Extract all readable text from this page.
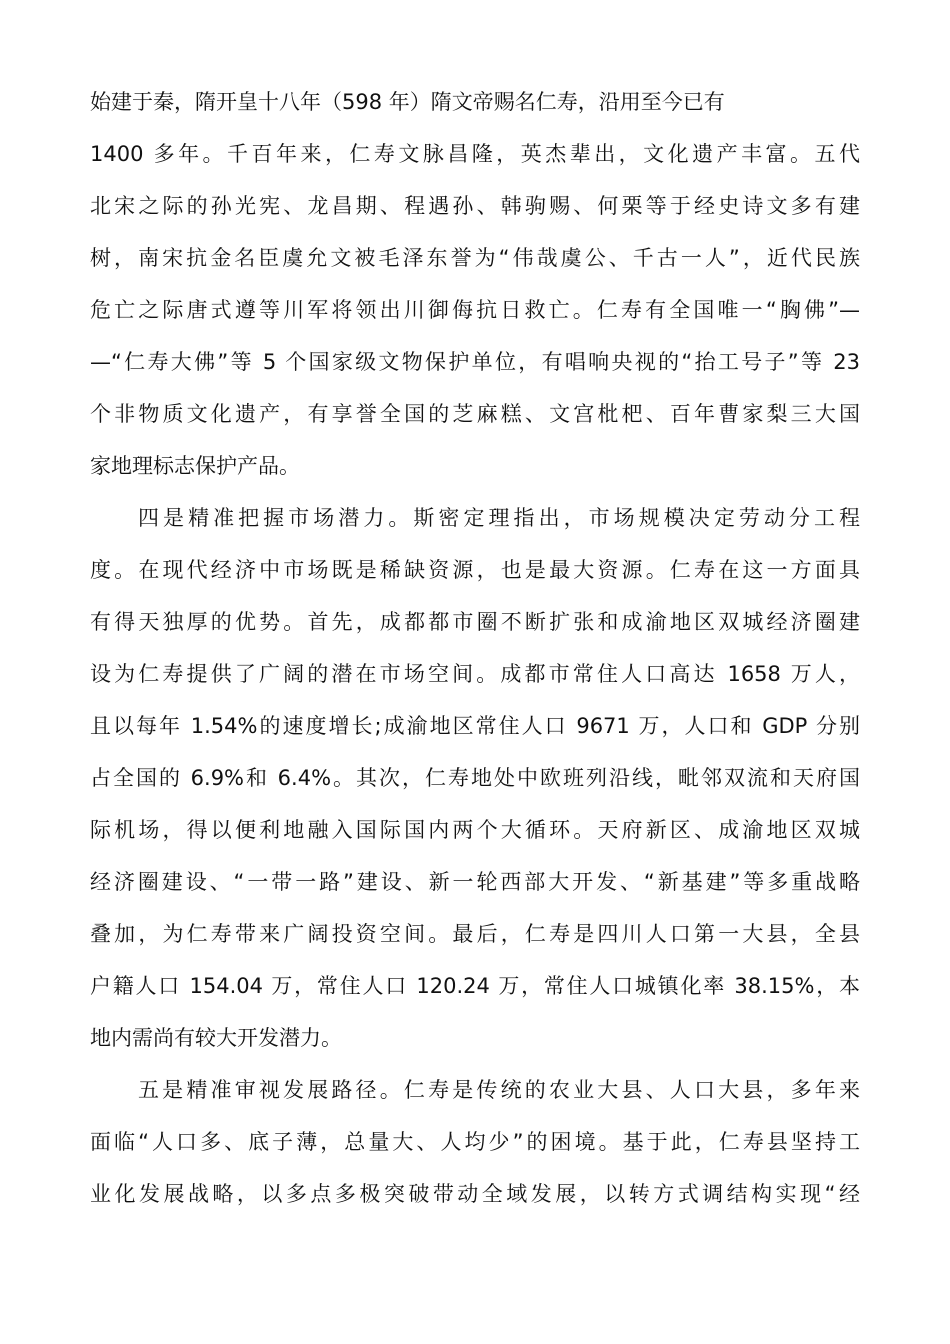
始建于秦，隋开皇十八年（598 年）隋文帝赐名仁寿，沿用至今已有
1400 多年。千百年来，仁寿文脉昌隆，英杰辈出，文化遗产丰富。五代
北宋之际的孙光宪、龙昌期、程遇孙、韩驹赐、何栗等于经史诗文多有建
树，南宋抗金名臣虞允文被毛泽东誉为“伟哉虞公、千古一人”，近代民族
危亡之际唐式遵等川军将领出川御侮抗日救亡。仁寿有全国唯一“胸佛”—
—“仁寿大佛”等 5 个国家级文物保护单位，有唱响央视的“抬工号子”等 23
个非物质文化遗产，有享誉全国的芝麻糕、文宫枇杷、百年曹家梨三大国
家地理标志保护产品。
四是精准把握市场潜力。斯密定理指出，市场规模决定劳动分工程
度。在现代经济中市场既是稀缺资源，也是最大资源。仁寿在这一方面具
有得天独厚的优势。首先，成都都市圈不断扩张和成渝地区双城经济圈建
设为仁寿提供了广阔的潜在市场空间。成都市常住人口高达 1658 万人，
且以每年 1.54%的速度增长;成渝地区常住人口 9671 万，人口和 GDP 分别
占全国的 6.9%和 6.4%。其次，仁寿地处中欧班列沿线，毗邻双流和天府国
际机场，得以便利地融入国际国内两个大循环。天府新区、成渝地区双城
经济圈建设、“一带一路”建设、新一轮西部大开发、“新基建”等多重战略
叠加，为仁寿带来广阔投资空间。最后，仁寿是四川人口第一大县，全县
户籍人口 154.04 万，常住人口 120.24 万，常住人口城镇化率 38.15%，本
地内需尚有较大开发潜力。
五是精准审视发展路径。仁寿是传统的农业大县、人口大县，多年来
面临“人口多、底子薄，总量大、人均少”的困境。基于此，仁寿县坚持工
业化发展战略，以多点多极突破带动全域发展，以转方式调结构实现“经
